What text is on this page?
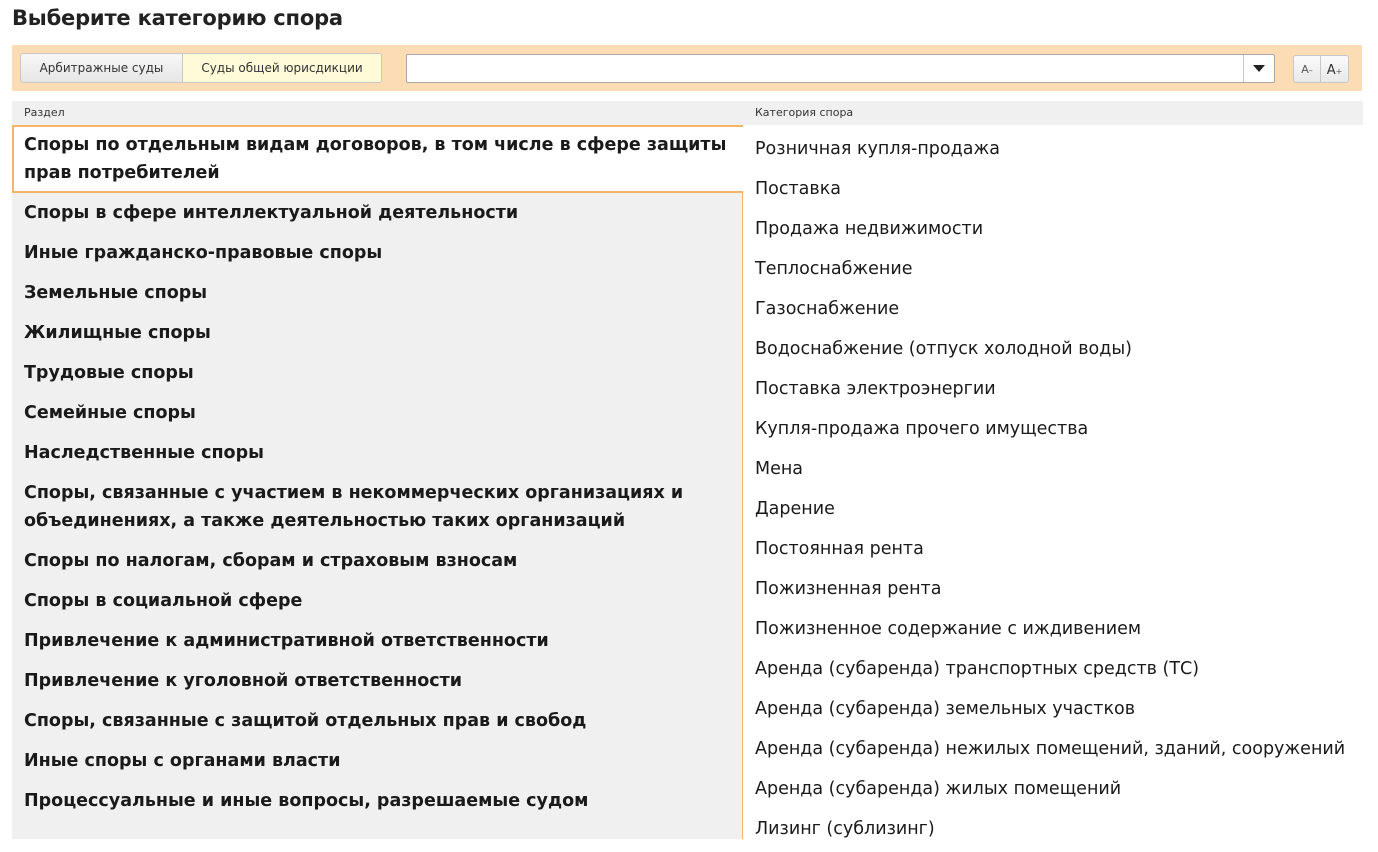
Выберите категорию спора
Арбитражные суды	Суды общей юрисдикции	A – A +
Раздел	Категория спора
Споры по отдельным видам договоров, в том числе в сфере защиты прав потребителей
Споры в сфере интеллектуальной деятельности
Иные гражданско-правовые споры
Земельные споры
Жилищные споры
Трудовые споры
Семейные споры
Наследственные споры
Споры, связанные с участием в некоммерческих организациях и объединениях, а также деятельностью таких организаций
Споры по налогам, сборам и страховым взносам
Споры в социальной сфере
Привлечение к административной ответственности
Привлечение к уголовной ответственности
Споры, связанные с защитой отдельных прав и свобод
Иные споры с органами власти
Процессуальные и иные вопросы, разрешаемые судом
Розничная купля-продажа
Поставка
Продажа недвижимости
Теплоснабжение
Газоснабжение
Водоснабжение (отпуск холодной воды)
Поставка электроэнергии
Купля-продажа прочего имущества
Мена
Дарение
Постоянная рента
Пожизненная рента
Пожизненное содержание с иждивением
Аренда (субаренда) транспортных средств (ТС)
Аренда (субаренда) земельных участков
Аренда (субаренда) нежилых помещений, зданий, сооружений
Аренда (субаренда) жилых помещений
Лизинг (сублизинг)
